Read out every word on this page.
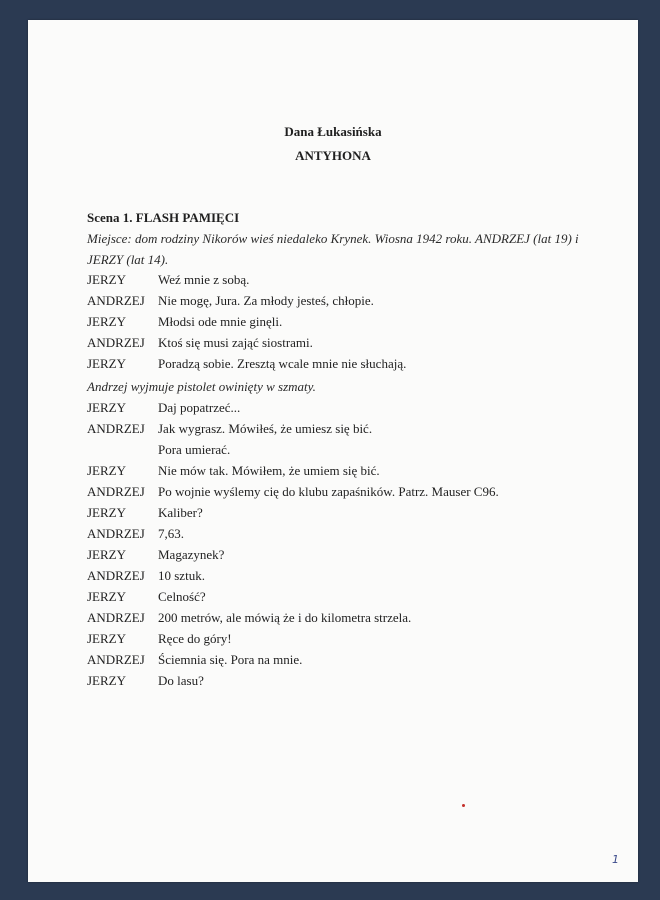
Dana Łukasińska
ANTYHONA
Scena 1. FLASH PAMIĘCI
Miejsce: dom rodziny Nikorów wieś niedaleko Krynek. Wiosna 1942 roku. ANDRZEJ (lat 19) i
JERZY (lat 14).
Andrzej wyjmuje pistolet owinięty w szmaty.
JERZY	Weź mnie z sobą.
ANDRZEJ	Nie mogę, Jura. Za młody jesteś, chłopie.
JERZY	Młodsi ode mnie ginęli.
ANDRZEJ	Ktoś się musi zająć siostrami.
JERZY	Poradzą sobie. Zresztą wcale mnie nie słuchają.
JERZY	Daj popatrzeć...
ANDRZEJ	Jak wygrasz. Mówiłeś, że umiesz się bić.
Pora umierać.
JERZY	Nie mów tak. Mówiłem, że umiem się bić.
ANDRZEJ	Po wojnie wyślemy cię do klubu zapaśników. Patrz. Mauser C96.
JERZY	Kaliber?
ANDRZEJ	7,63.
JERZY	Magazynek?
ANDRZEJ	10 sztuk.
JERZY	Celność?
ANDRZEJ	200 metrów, ale mówią że i do kilometra strzela.
JERZY	Ręce do góry!
ANDRZEJ	Ściemnia się. Pora na mnie.
JERZY	Do lasu?
1
